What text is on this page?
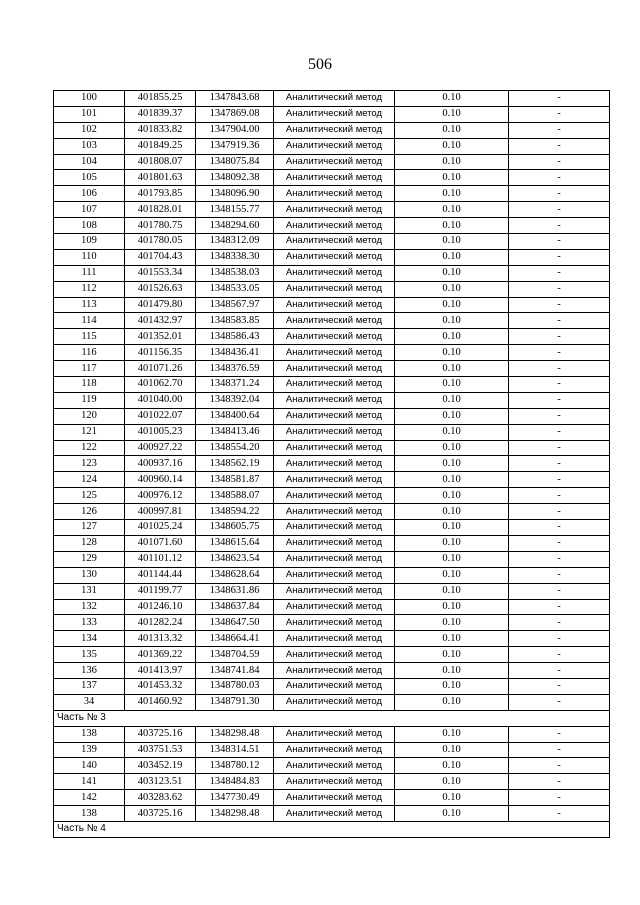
506
100	401855.25	1347843.68	Аналитический метод	0.10	-
101	401839.37	1347869.08	Аналитический метод	0.10	-
102	401833.82	1347904.00	Аналитический метод	0.10	-
103	401849.25	1347919.36	Аналитический метод	0.10	-
104	401808.07	1348075.84	Аналитический метод	0.10	-
105	401801.63	1348092.38	Аналитический метод	0.10	-
106	401793.85	1348096.90	Аналитический метод	0.10	-
107	401828.01	1348155.77	Аналитический метод	0.10	-
108	401780.75	1348294.60	Аналитический метод	0.10	-
109	401780.05	1348312.09	Аналитический метод	0.10	-
110	401704.43	1348338.30	Аналитический метод	0.10	-
111	401553.34	1348538.03	Аналитический метод	0.10	-
112	401526.63	1348533.05	Аналитический метод	0.10	-
113	401479.80	1348567.97	Аналитический метод	0.10	-
114	401432.97	1348583.85	Аналитический метод	0.10	-
115	401352.01	1348586.43	Аналитический метод	0.10	-
116	401156.35	1348436.41	Аналитический метод	0.10	-
117	401071.26	1348376.59	Аналитический метод	0.10	-
118	401062.70	1348371.24	Аналитический метод	0.10	-
119	401040.00	1348392.04	Аналитический метод	0.10	-
120	401022.07	1348400.64	Аналитический метод	0.10	-
121	401005.23	1348413.46	Аналитический метод	0.10	-
122	400927.22	1348554.20	Аналитический метод	0.10	-
123	400937.16	1348562.19	Аналитический метод	0.10	-
124	400960.14	1348581.87	Аналитический метод	0.10	-
125	400976.12	1348588.07	Аналитический метод	0.10	-
126	400997.81	1348594.22	Аналитический метод	0.10	-
127	401025.24	1348605.75	Аналитический метод	0.10	-
128	401071.60	1348615.64	Аналитический метод	0.10	-
129	401101.12	1348623.54	Аналитический метод	0.10	-
130	401144.44	1348628.64	Аналитический метод	0.10	-
131	401199.77	1348631.86	Аналитический метод	0.10	-
132	401246.10	1348637.84	Аналитический метод	0.10	-
133	401282.24	1348647.50	Аналитический метод	0.10	-
134	401313.32	1348664.41	Аналитический метод	0.10	-
135	401369.22	1348704.59	Аналитический метод	0.10	-
136	401413.97	1348741.84	Аналитический метод	0.10	-
137	401453.32	1348780.03	Аналитический метод	0.10	-
34	401460.92	1348791.30	Аналитический метод	0.10	-
Часть № 3					
138	403725.16	1348298.48	Аналитический метод	0.10	-
139	403751.53	1348314.51	Аналитический метод	0.10	-
140	403452.19	1348780.12	Аналитический метод	0.10	-
141	403123.51	1348484.83	Аналитический метод	0.10	-
142	403283.62	1347730.49	Аналитический метод	0.10	-
138	403725.16	1348298.48	Аналитический метод	0.10	-
Часть № 4					
